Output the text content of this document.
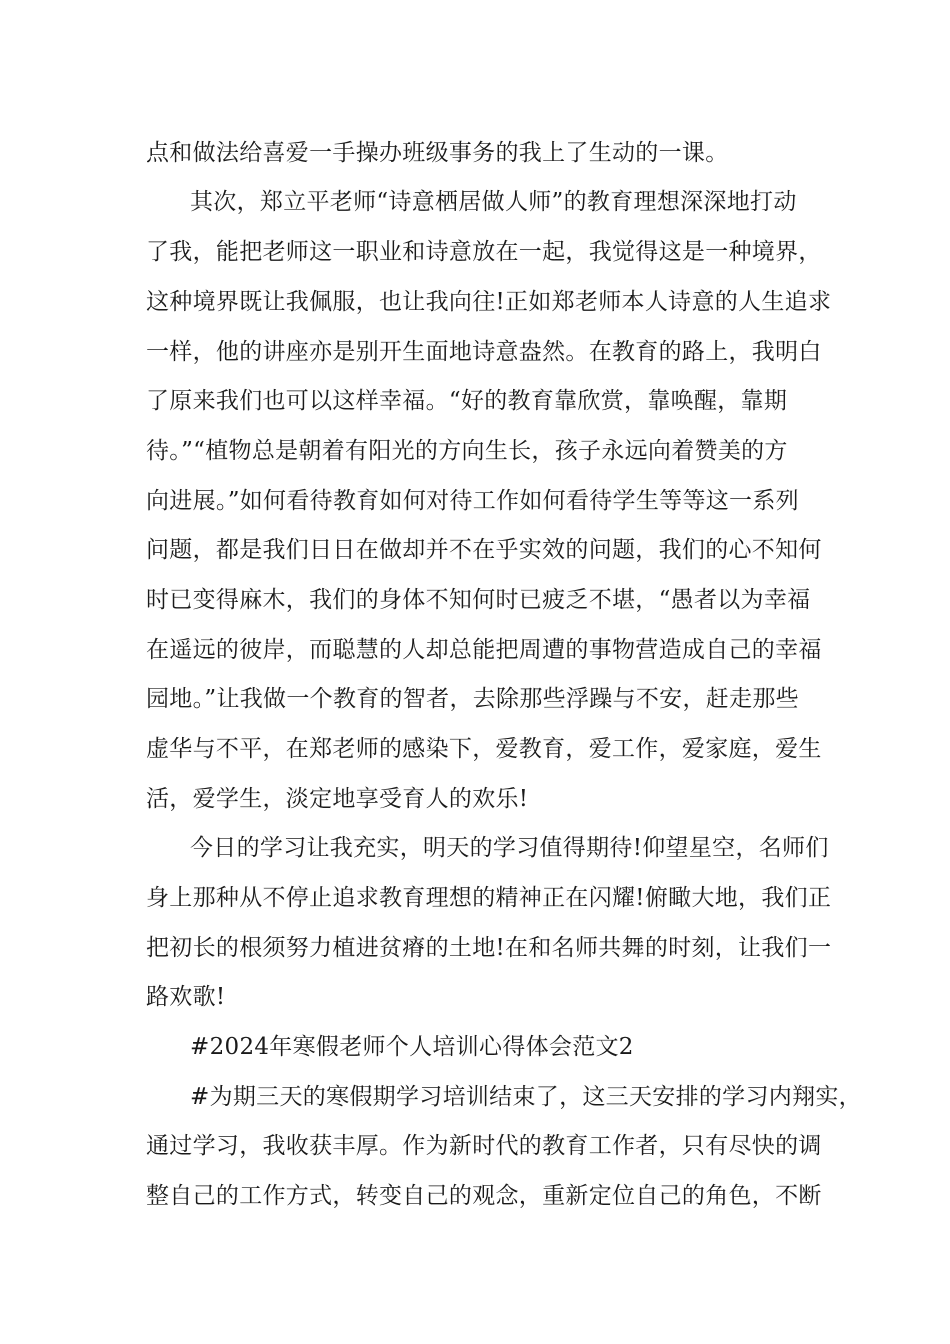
点和做法给喜爱一手操办班级事务的我上了生动的一课。
其次，郑立平老师“诗意栖居做人师”的教育理想深深地打动
了我，能把老师这一职业和诗意放在一起，我觉得这是一种境界，
这种境界既让我佩服，也让我向往!正如郑老师本人诗意的人生追求
一样，他的讲座亦是别开生面地诗意盎然。在教育的路上，我明白
了原来我们也可以这样幸福。“好的教育靠欣赏，靠唤醒，靠期
待。”“植物总是朝着有阳光的方向生长，孩子永远向着赞美的方
向进展。”如何看待教育如何对待工作如何看待学生等等这一系列
问题，都是我们日日在做却并不在乎实效的问题，我们的心不知何
时已变得麻木，我们的身体不知何时已疲乏不堪，“愚者以为幸福
在遥远的彼岸，而聪慧的人却总能把周遭的事物营造成自己的幸福
园地。”让我做一个教育的智者，去除那些浮躁与不安，赶走那些
虚华与不平，在郑老师的感染下，爱教育，爱工作，爱家庭，爱生
活，爱学生，淡定地享受育人的欢乐!
今日的学习让我充实，明天的学习值得期待!仰望星空，名师们
身上那种从不停止追求教育理想的精神正在闪耀!俯瞰大地，我们正
把初长的根须努力植进贫瘠的土地!在和名师共舞的时刻，让我们一
路欢歌!
#2024年寒假老师个人培训心得体会范文2
#为期三天的寒假期学习培训结束了，这三天安排的学习内翔实，
通过学习，我收获丰厚。作为新时代的教育工作者，只有尽快的调
整自己的工作方式，转变自己的观念，重新定位自己的角色，不断
